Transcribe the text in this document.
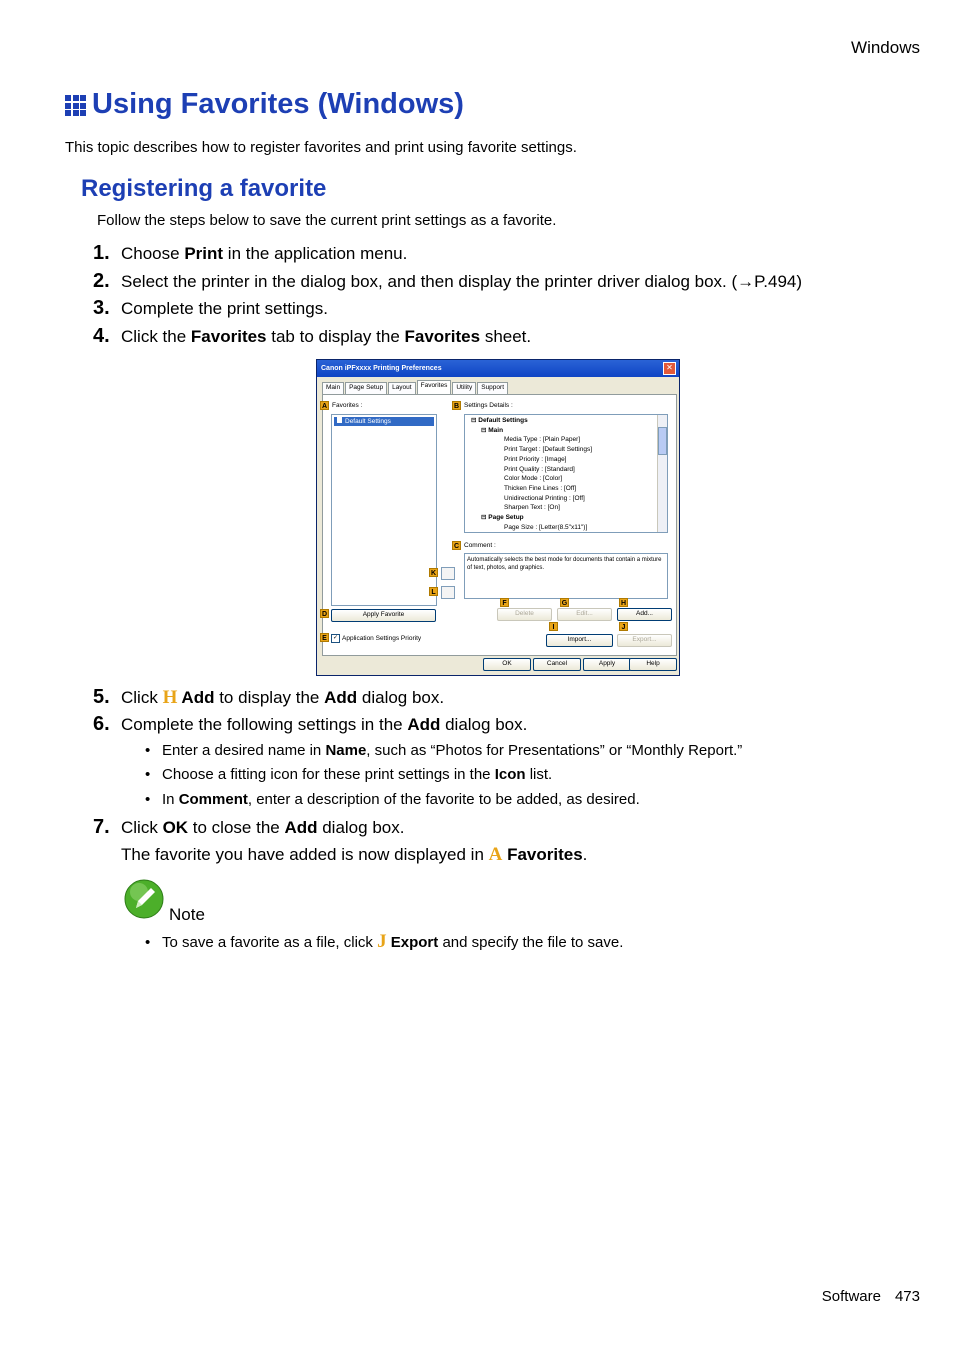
Windows
Using Favorites (Windows)
This topic describes how to register favorites and print using favorite settings.
Registering a favorite
Follow the steps below to save the current print settings as a favorite.
1. Choose Print in the application menu.
2. Select the printer in the dialog box, and then display the printer driver dialog box. (→P.494)
3. Complete the print settings.
4. Click the Favorites tab to display the Favorites sheet.
Canon iPFxxxx Printing Preferences	✕
Main	Page Setup	Layout	Favorites	Utility	Support
A Favorites :
Default Settings
K
L
B Settings Details :
⊟ Default Settings
⊟ Main
Media Type : [Plain Paper]
Print Target : [Default Settings]
Print Priority : [Image]
Print Quality : [Standard]
Color Mode : [Color]
Thicken Fine Lines : [Off]
Unidirectional Printing : [Off]
Sharpen Text : [On]
⊟ Page Setup
Page Size : [Letter(8.5"x11")]
C Comment :
Automatically selects the best mode for documents that contain a mixture of text, photos, and graphics.
F	G	H
Delete	Edit...	Add...
D	Apply Favorite
I	J
Import...	Export...
E	✓ Application Settings Priority
OK	Cancel	Apply	Help
5. Click H Add to display the Add dialog box.
6. Complete the following settings in the Add dialog box.
• Enter a desired name in Name, such as “Photos for Presentations” or “Monthly Report.”
• Choose a fitting icon for these print settings in the Icon list.
• In Comment, enter a description of the favorite to be added, as desired.
7. Click OK to close the Add dialog box.
The favorite you have added is now displayed in A Favorites.
Note
• To save a favorite as a file, click J Export and specify the file to save.
Software 473
